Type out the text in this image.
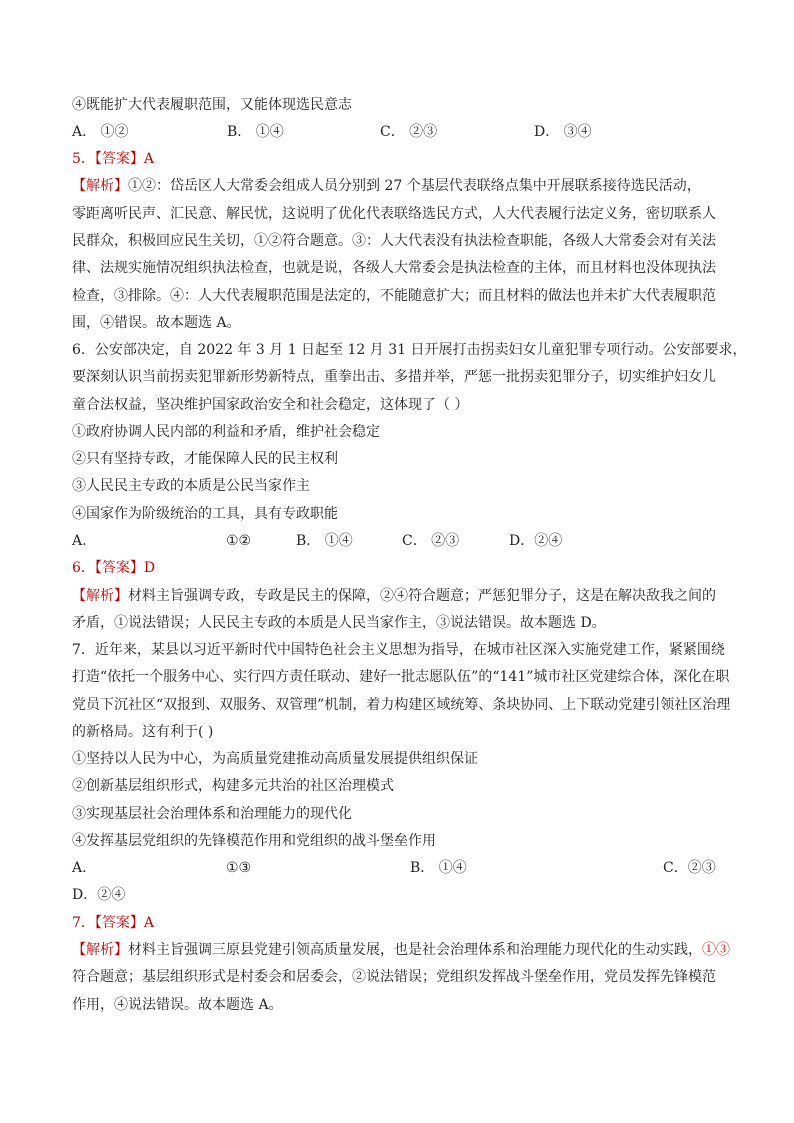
④既能扩大代表履职范围，又能体现选民意志
A． ①②	B． ①④	C． ②③	D． ③④
5．【答案】A
【解析】①②：岱岳区人大常委会组成人员分别到 27 个基层代表联络点集中开展联系接待选民活动，
零距离听民声、汇民意、解民忧，这说明了优化代表联络选民方式，人大代表履行法定义务，密切联系人
民群众，积极回应民生关切，①②符合题意。③：人大代表没有执法检查职能，各级人大常委会对有关法
律、法规实施情况组织执法检查，也就是说，各级人大常委会是执法检查的主体，而且材料也没体现执法
检查，③排除。④：人大代表履职范围是法定的，不能随意扩大；而且材料的做法也并未扩大代表履职范
围，④错误。故本题选 A。
6．公安部决定，自 2022 年 3 月 1 日起至 12 月 31 日开展打击拐卖妇女儿童犯罪专项行动。公安部要求，
要深刻认识当前拐卖犯罪新形势新特点，重拳出击、多措并举，严惩一批拐卖犯罪分子，切实维护妇女儿
童合法权益，坚决维护国家政治安全和社会稳定，这体现了（ ）
①政府协调人民内部的利益和矛盾，维护社会稳定
②只有坚持专政，才能保障人民的民主权利
③人民民主专政的本质是公民当家作主
④国家作为阶级统治的工具，具有专政职能
A.	①②	B． ①④	C． ②③	D．②④
6．【答案】D
【解析】材料主旨强调专政，专政是民主的保障，②④符合题意；严惩犯罪分子，这是在解决敌我之间的
矛盾，①说法错误；人民民主专政的本质是人民当家作主，③说法错误。故本题选 D。
7．近年来，某县以习近平新时代中国特色社会主义思想为指导，在城市社区深入实施党建工作，紧紧围绕
打造“依托一个服务中心、实行四方责任联动、建好一批志愿队伍”的“141”城市社区党建综合体，深化在职
党员下沉社区“双报到、双服务、双管理”机制，着力构建区域统筹、条块协同、上下联动党建引领社区治理
的新格局。这有利于( )
①坚持以人民为中心，为高质量党建推动高质量发展提供组织保证
②创新基层组织形式，构建多元共治的社区治理模式
③实现基层社会治理体系和治理能力的现代化
④发挥基层党组织的先锋模范作用和党组织的战斗堡垒作用
A.	①③	B． ①④	C．②③
D．②④
7．【答案】A
【解析】材料主旨强调三原县党建引领高质量发展，也是社会治理体系和治理能力现代化的生动实践，①③
符合题意；基层组织形式是村委会和居委会，②说法错误；党组织发挥战斗堡垒作用，党员发挥先锋模范
作用，④说法错误。故本题选 A。
